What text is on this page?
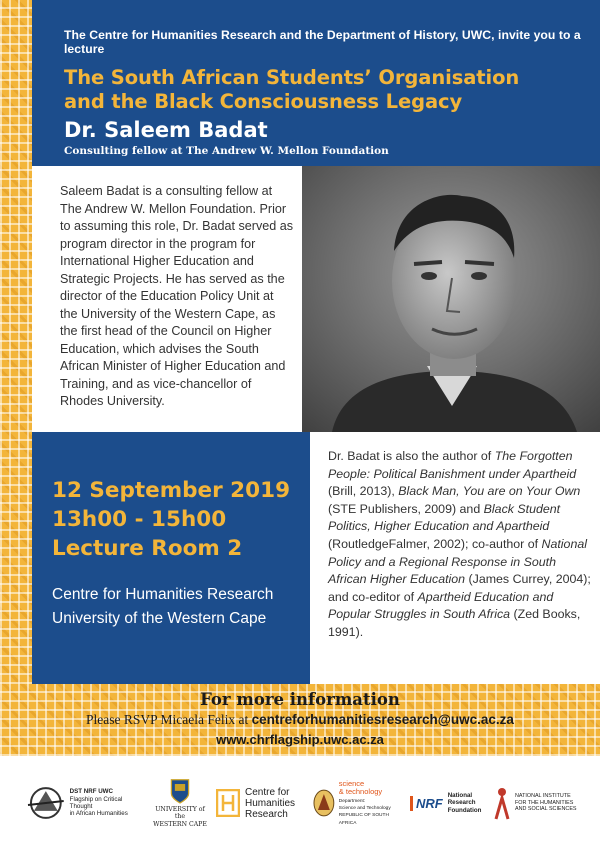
The Centre for Humanities Research and the Department of History, UWC, invite you to a lecture
The South African Students’ Organisation
and the Black Consciousness Legacy
Dr. Saleem Badat
Consulting fellow at The Andrew W. Mellon Foundation
Saleem Badat is a consulting fellow at The Andrew W. Mellon Foundation. Prior to assuming this role, Dr. Badat served as program director in the program for International Higher Education and Strategic Projects. He has served as the director of the Education Policy Unit at the University of the Western Cape, as the first head of the Council on Higher Education, which advises the South African Minister of Higher Education and Training, and as vice-chancellor of Rhodes University.
12 September 2019
13h00 - 15h00
Lecture Room 2
Centre for Humanities Research
University of the Western Cape
Dr. Badat is also the author of The Forgotten People: Political Banishment under Apartheid (Brill, 2013), Black Man, You are on Your Own (STE Publishers, 2009) and Black Student Politics, Higher Education and Apartheid (RoutledgeFalmer, 2002); co-author of National Policy and a Regional Response in South African Higher Education (James Currey, 2004); and co-editor of Apartheid Education and Popular Struggles in South Africa (Zed Books, 1991).
For more information
Please RSVP Micaela Felix at centreforhumanitiesresearch@uwc.ac.za
www.chrflagship.uwc.ac.za
DST NRF UWC
Flagship on Critical Thought
in African Humanities
UNIVERSITY of the
WESTERN CAPE
Centre for
Humanities
Research
science
& technology
Department:
Science and Technology
REPUBLIC OF SOUTH AFRICA
NRF
National
Research
Foundation
NATIONAL INSTITUTE
FOR THE HUMANITIES
AND SOCIAL SCIENCES
